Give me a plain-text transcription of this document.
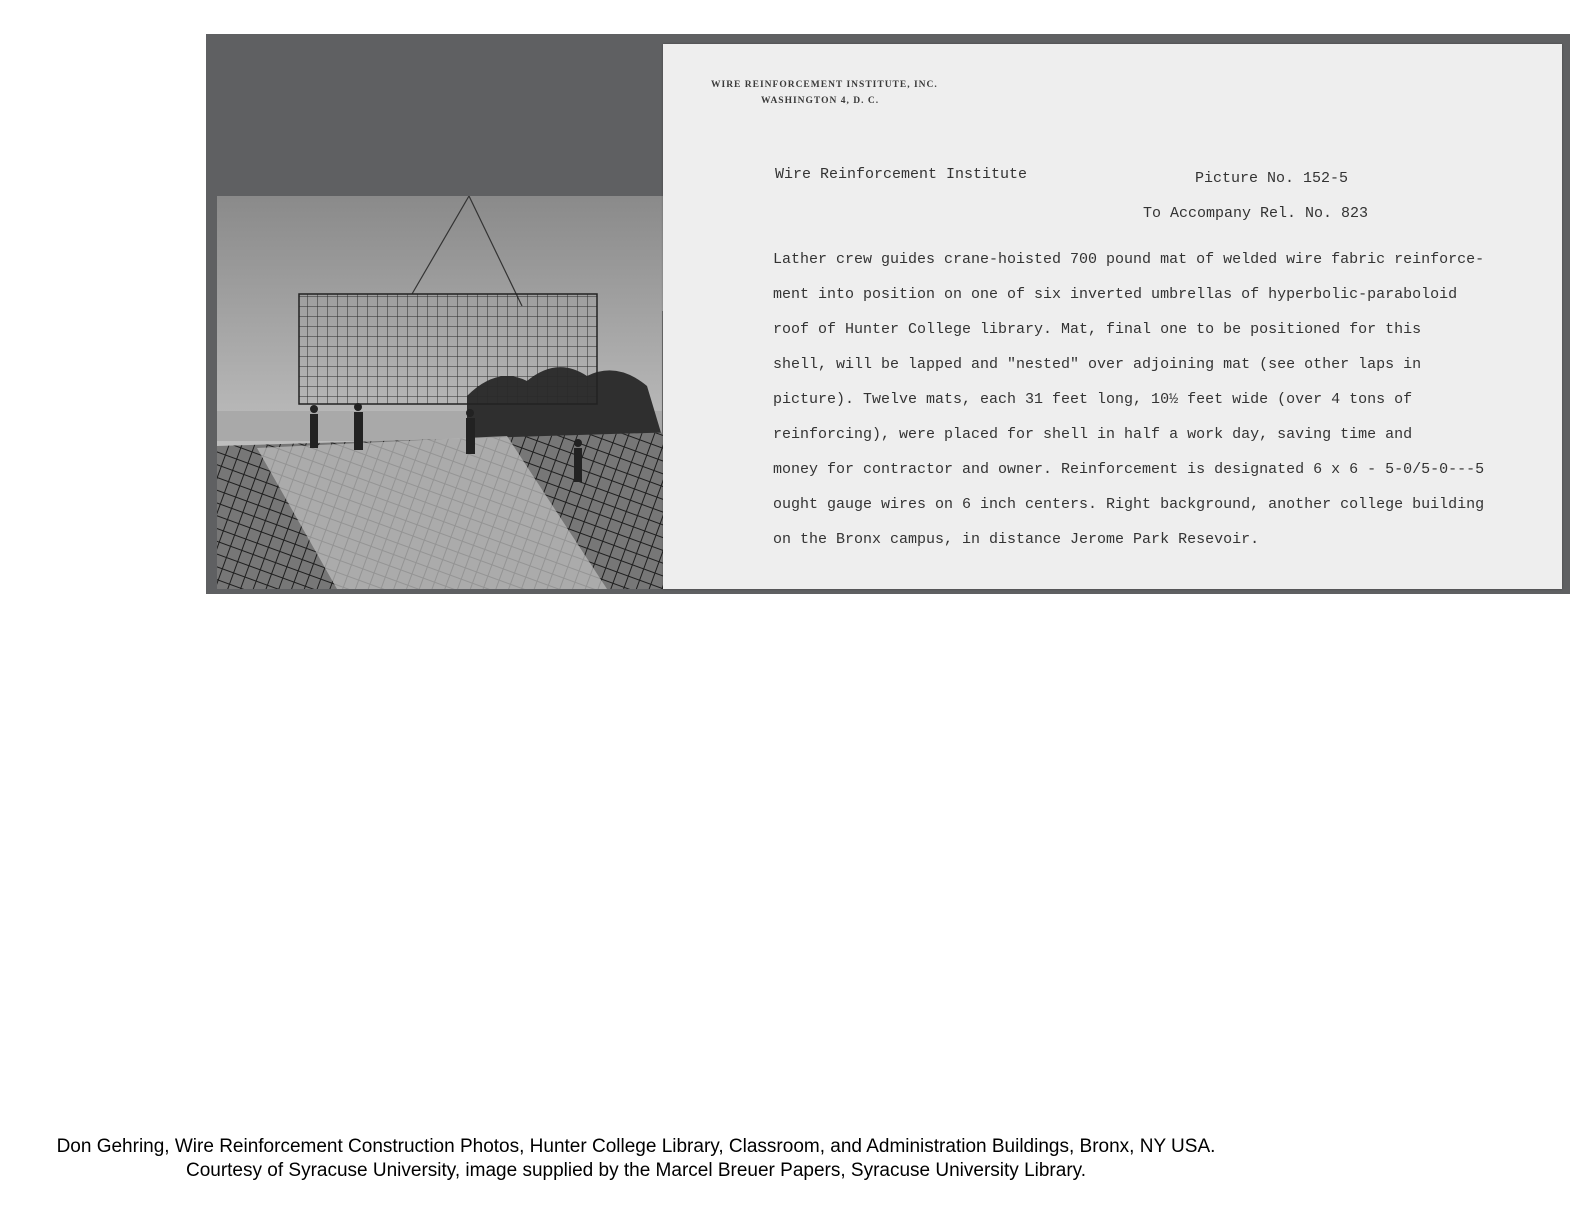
WIRE REINFORCEMENT INSTITUTE, INC.
WASHINGTON 4, D. C.
Wire Reinforcement Institute	Picture No. 152-5
To Accompany Rel. No. 823
Lather crew guides crane-hoisted 700 pound mat of welded wire fabric reinforce-
ment into position on one of six inverted umbrellas of hyperbolic-paraboloid
roof of Hunter College library. Mat, final one to be positioned for this
shell, will be lapped and "nested" over adjoining mat (see other laps in
picture). Twelve mats, each 31 feet long, 10½ feet wide (over 4 tons of
reinforcing), were placed for shell in half a work day, saving time and
money for contractor and owner. Reinforcement is designated 6 x 6 - 5-0/5-0---5
ought gauge wires on 6 inch centers. Right background, another college building
on the Bronx campus, in distance Jerome Park Resevoir.
Don Gehring, Wire Reinforcement Construction Photos, Hunter College Library, Classroom, and Administration Buildings, Bronx, NY USA.
Courtesy of Syracuse University, image supplied by the Marcel Breuer Papers, Syracuse University Library.
